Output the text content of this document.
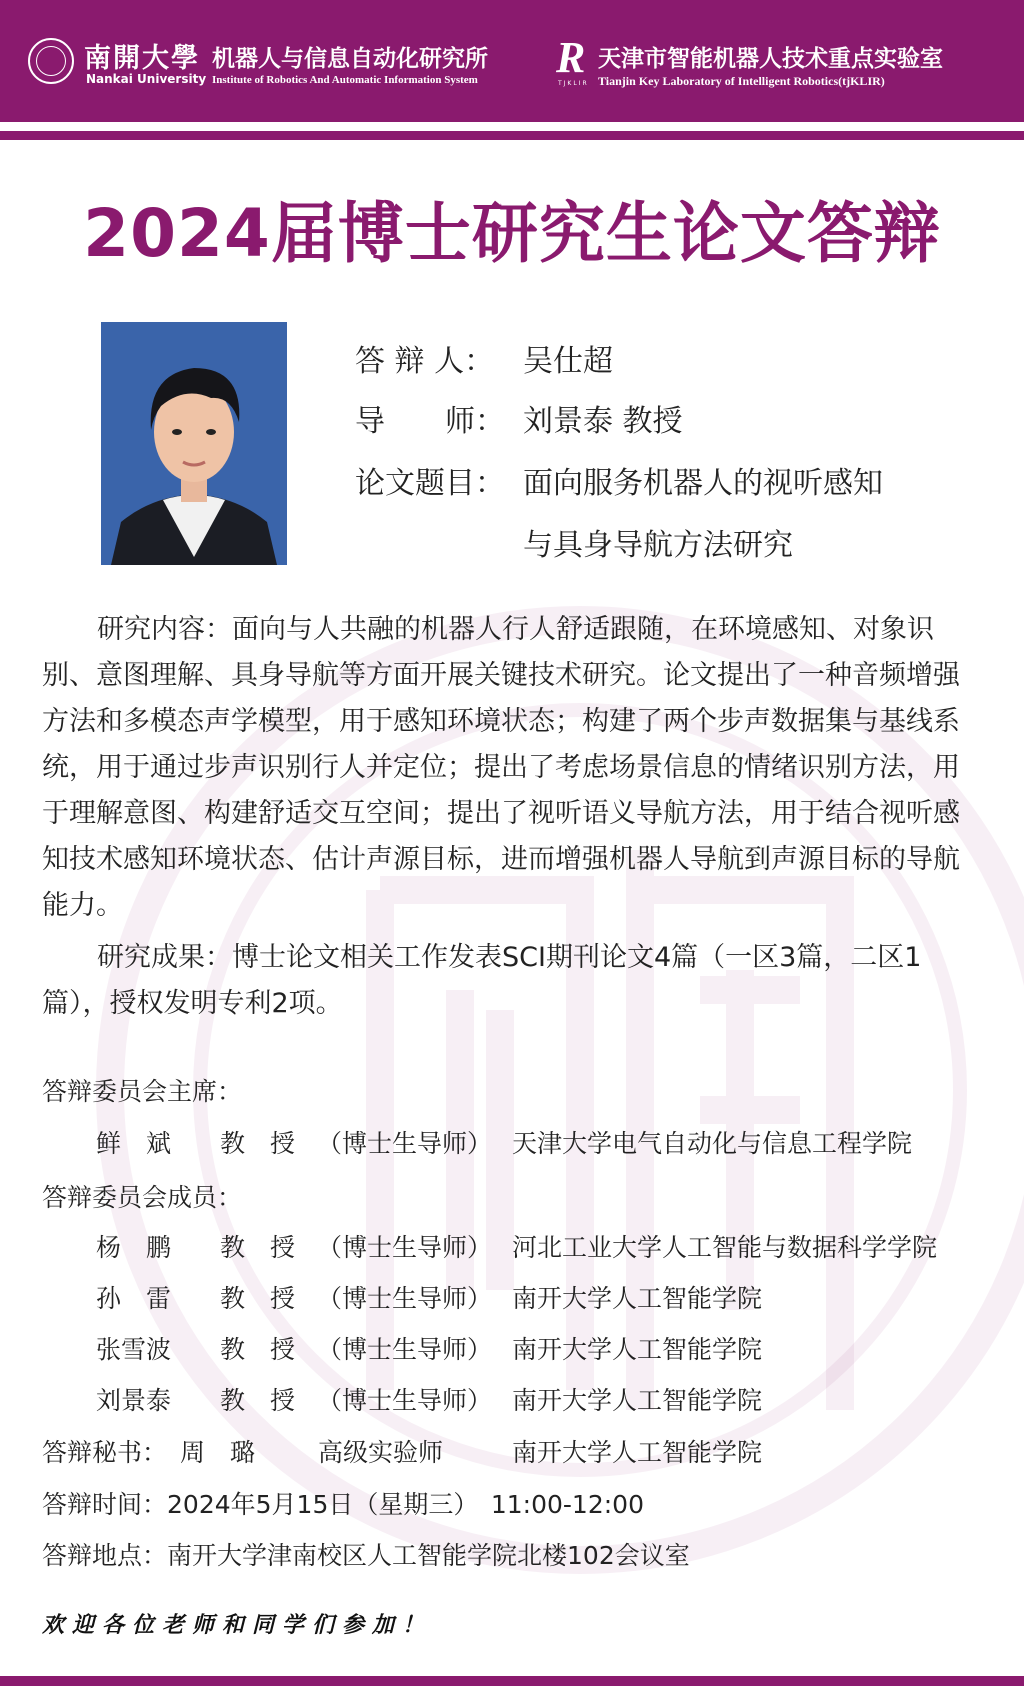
南開大學
Nankai University
机器人与信息自动化研究所
Institute of Robotics And Automatic Information System R
TJKLIR
天津市智能机器人技术重点实验室
Tianjin Key Laboratory of Intelligent Robotics(tjKLIR)
2024届博士研究生论文答辩
答 辩 人： 吴仕超
导　　师： 刘景泰 教授
论文题目： 面向服务机器人的视听感知
与具身导航方法研究
研究内容：面向与人共融的机器人行人舒适跟随，在环境感知、对象识别、意图理解、具身导航等方面开展关键技术研究。论文提出了一种音频增强方法和多模态声学模型，用于感知环境状态；构建了两个步声数据集与基线系统，用于通过步声识别行人并定位；提出了考虑场景信息的情绪识别方法，用于理解意图、构建舒适交互空间；提出了视听语义导航方法，用于结合视听感知技术感知环境状态、估计声源目标，进而增强机器人导航到声源目标的导航能力。
研究成果：博士论文相关工作发表SCI期刊论文4篇（一区3篇，二区1篇），授权发明专利2项。
答辩委员会主席：
鲜　斌 教　授 （博士生导师） 天津大学电气自动化与信息工程学院
答辩委员会成员：
杨　鹏 教　授 （博士生导师） 河北工业大学人工智能与数据科学学院
孙　雷 教　授 （博士生导师） 南开大学人工智能学院
张雪波 教　授 （博士生导师） 南开大学人工智能学院
刘景泰 教　授 （博士生导师） 南开大学人工智能学院
答辩秘书： 周　璐	高级实验师	南开大学人工智能学院
答辩时间：2024年5月15日（星期三）　11:00-12:00
答辩地点：南开大学津南校区人工智能学院北楼102会议室
欢迎各位老师和同学们参加！
